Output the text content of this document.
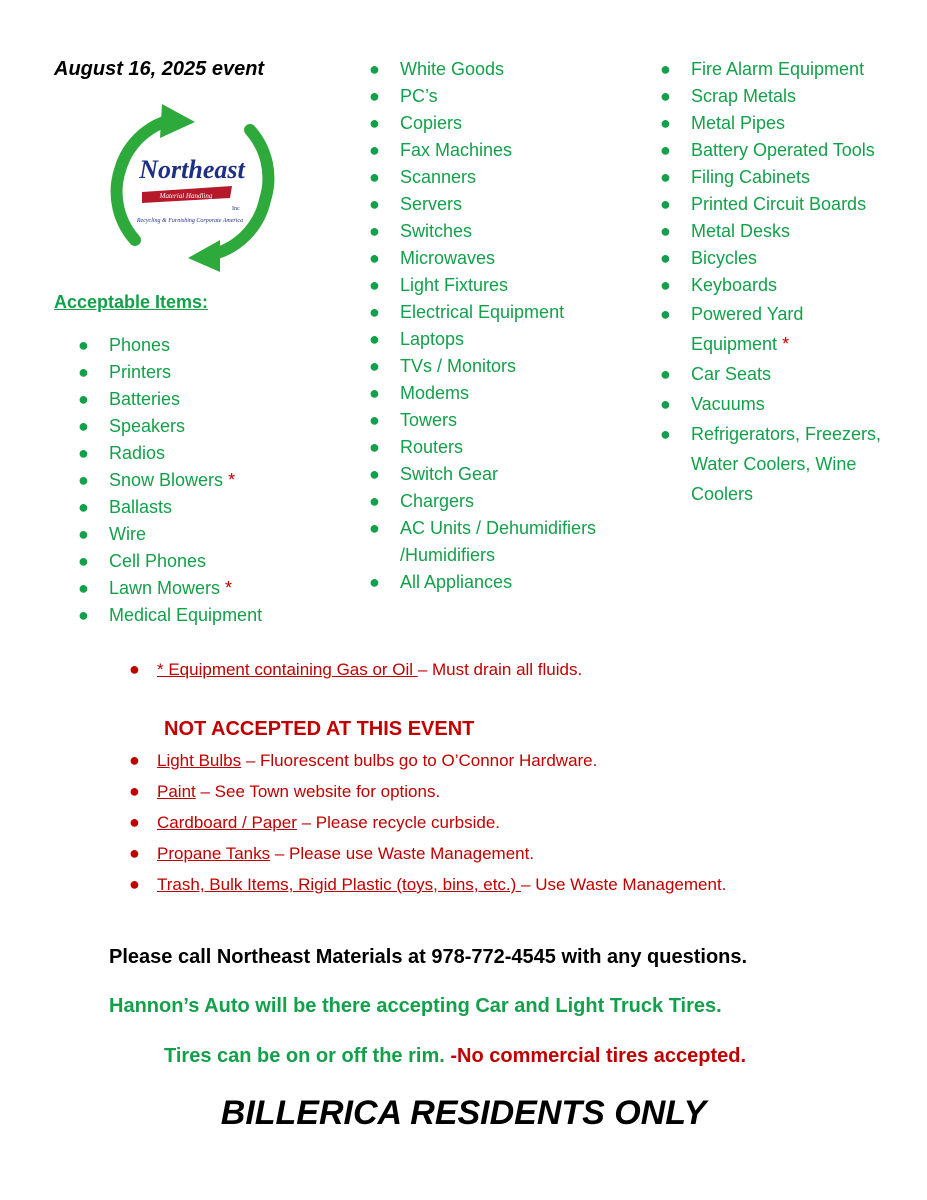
August 16, 2025 event
Northeast
Material Handling
Inc
Recycling & Furnishing Corporate America
Acceptable Items:
● Phones
● Printers
● Batteries
● Speakers
● Radios
● Snow Blowers *
● Ballasts
● Wire
● Cell Phones
● Lawn Mowers *
● Medical Equipment
● White Goods
● PC’s
● Copiers
● Fax Machines
● Scanners
● Servers
● Switches
● Microwaves
● Light Fixtures
● Electrical Equipment
● Laptops
● TVs / Monitors
● Modems
● Towers
● Routers
● Switch Gear
● Chargers
● AC Units / Dehumidifiers /Humidifiers
● All Appliances
● Fire Alarm Equipment
● Scrap Metals
● Metal Pipes
● Battery Operated Tools
● Filing Cabinets
● Printed Circuit Boards
● Metal Desks
● Bicycles
● Keyboards
● Powered Yard Equipment *
● Car Seats
● Vacuums
● Refrigerators, Freezers, Water Coolers, Wine Coolers
● * Equipment containing Gas or Oil – Must drain all fluids.
NOT ACCEPTED AT THIS EVENT
● Light Bulbs – Fluorescent bulbs go to O’Connor Hardware.
● Paint – See Town website for options.
● Cardboard / Paper – Please recycle curbside.
● Propane Tanks – Please use Waste Management.
● Trash, Bulk Items, Rigid Plastic (toys, bins, etc.) – Use Waste Management.
Please call Northeast Materials at 978-772-4545 with any questions.
Hannon’s Auto will be there accepting Car and Light Truck Tires.
Tires can be on or off the rim. -No commercial tires accepted.
BILLERICA RESIDENTS ONLY
